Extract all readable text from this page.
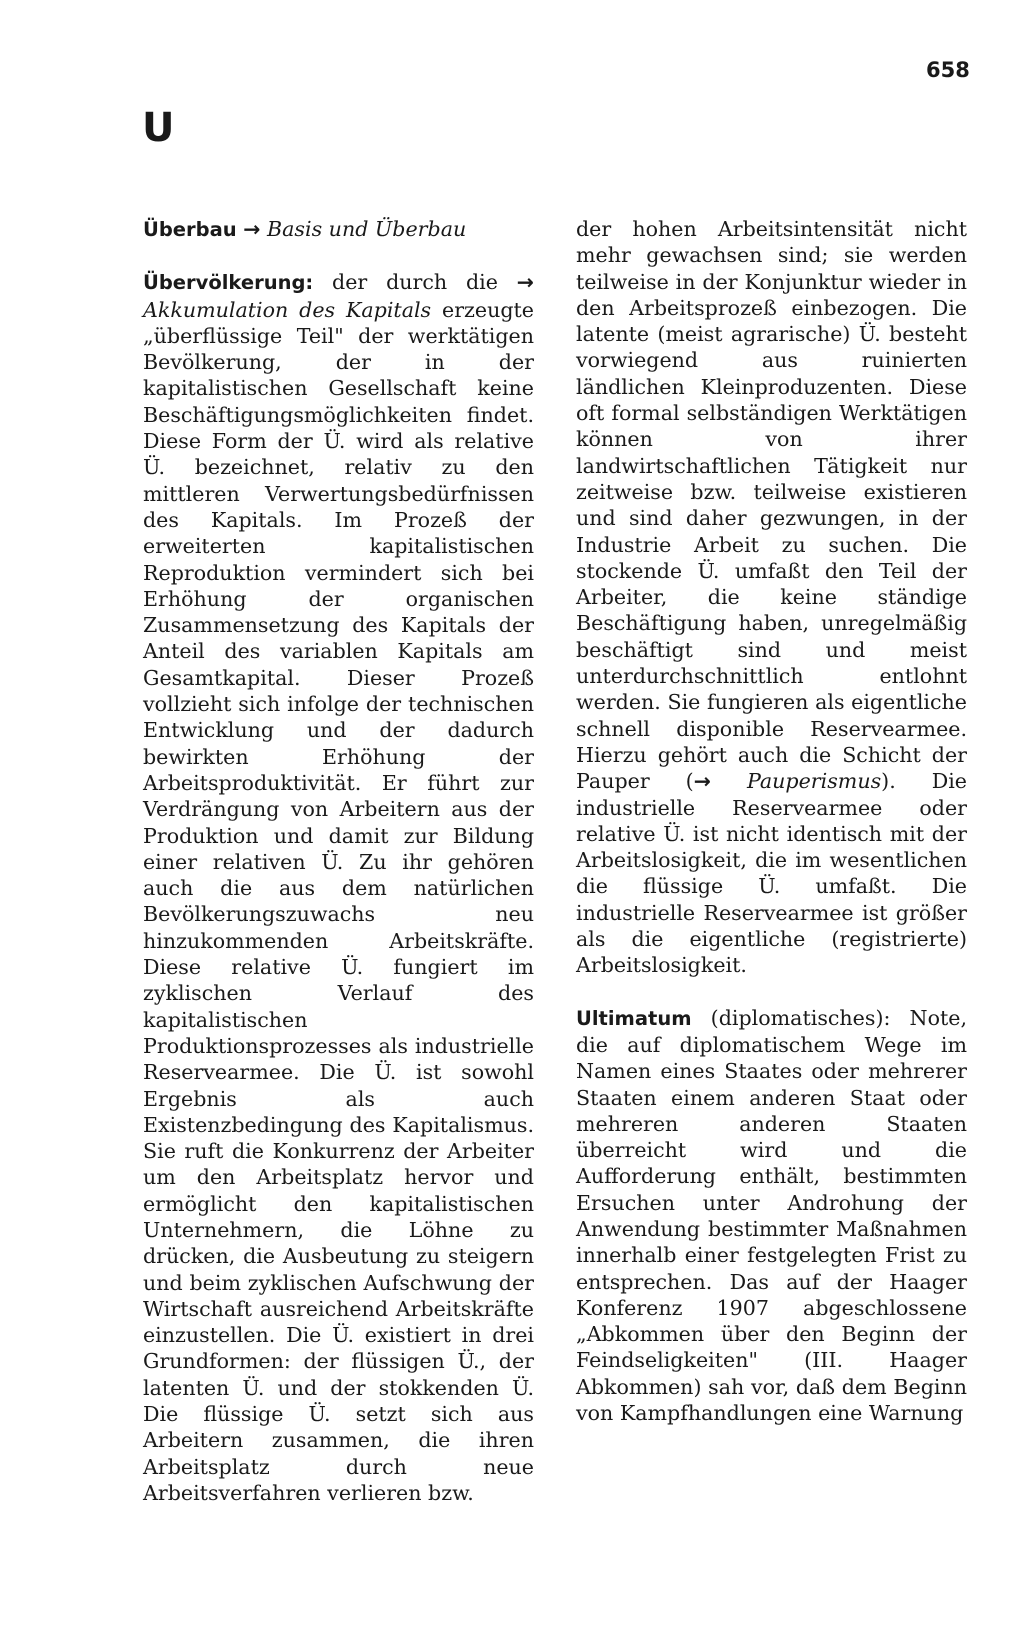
658
U

Überbau → Basis und Überbau

Übervölkerung: der durch die → Akkumulation des Kapitals erzeugte „überflüssige Teil" der werktätigen Bevölkerung, der in der kapitalistischen Gesellschaft keine Beschäftigungsmöglichkeiten findet. Diese Form der Ü. wird als relative Ü. bezeichnet, relativ zu den mittleren Verwertungsbedürfnissen des Kapitals. Im Prozeß der erweiterten kapitalistischen Reproduktion vermindert sich bei Erhöhung der organischen Zusammensetzung des Kapitals der Anteil des variablen Kapitals am Gesamtkapital. Dieser Prozeß vollzieht sich infolge der technischen Entwicklung und der dadurch bewirkten Erhöhung der Arbeitsproduktivität. Er führt zur Verdrängung von Arbeitern aus der Produktion und damit zur Bildung einer relativen Ü. Zu ihr gehören auch die aus dem natürlichen Bevölkerungszuwachs neu hinzukommenden Arbeitskräfte. Diese relative Ü. fungiert im zyklischen Verlauf des kapitalistischen Produktionsprozesses als industrielle Reservearmee. Die Ü. ist sowohl Ergebnis als auch Existenzbedingung des Kapitalismus. Sie ruft die Konkurrenz der Arbeiter um den Arbeitsplatz hervor und ermöglicht den kapitalistischen Unternehmern, die Löhne zu drücken, die Ausbeutung zu steigern und beim zyklischen Aufschwung der Wirtschaft ausreichend Arbeitskräfte einzustellen. Die Ü. existiert in drei Grundformen: der flüssigen Ü., der latenten Ü. und der stokkenden Ü. Die flüssige Ü. setzt sich aus Arbeitern zusammen, die ihren Arbeitsplatz durch neue Arbeitsverfahren verlieren bzw.

der hohen Arbeitsintensität nicht mehr gewachsen sind; sie werden teilweise in der Konjunktur wieder in den Arbeitsprozeß einbezogen. Die latente (meist agrarische) Ü. besteht vorwiegend aus ruinierten ländlichen Kleinproduzenten. Diese oft formal selbständigen Werktätigen können von ihrer landwirtschaftlichen Tätigkeit nur zeitweise bzw. teilweise existieren und sind daher gezwungen, in der Industrie Arbeit zu suchen. Die stockende Ü. umfaßt den Teil der Arbeiter, die keine ständige Beschäftigung haben, unregelmäßig beschäftigt sind und meist unterdurchschnittlich entlohnt werden. Sie fungieren als eigentliche schnell disponible Reservearmee. Hierzu gehört auch die Schicht der Pauper (→ Pauperismus). Die industrielle Reservearmee oder relative Ü. ist nicht identisch mit der Arbeitslosigkeit, die im wesentlichen die flüssige Ü. umfaßt. Die industrielle Reservearmee ist größer als die eigentliche (registrierte) Arbeitslosigkeit.

Ultimatum (diplomatisches): Note, die auf diplomatischem Wege im Namen eines Staates oder mehrerer Staaten einem anderen Staat oder mehreren anderen Staaten überreicht wird und die Aufforderung enthält, bestimmten Ersuchen unter Androhung der Anwendung bestimmter Maßnahmen innerhalb einer festgelegten Frist zu entsprechen. Das auf der Haager Konferenz 1907 abgeschlossene „Abkommen über den Beginn der Feindseligkeiten" (III. Haager Abkommen) sah vor, daß dem Beginn von Kampfhandlungen eine Warnung
